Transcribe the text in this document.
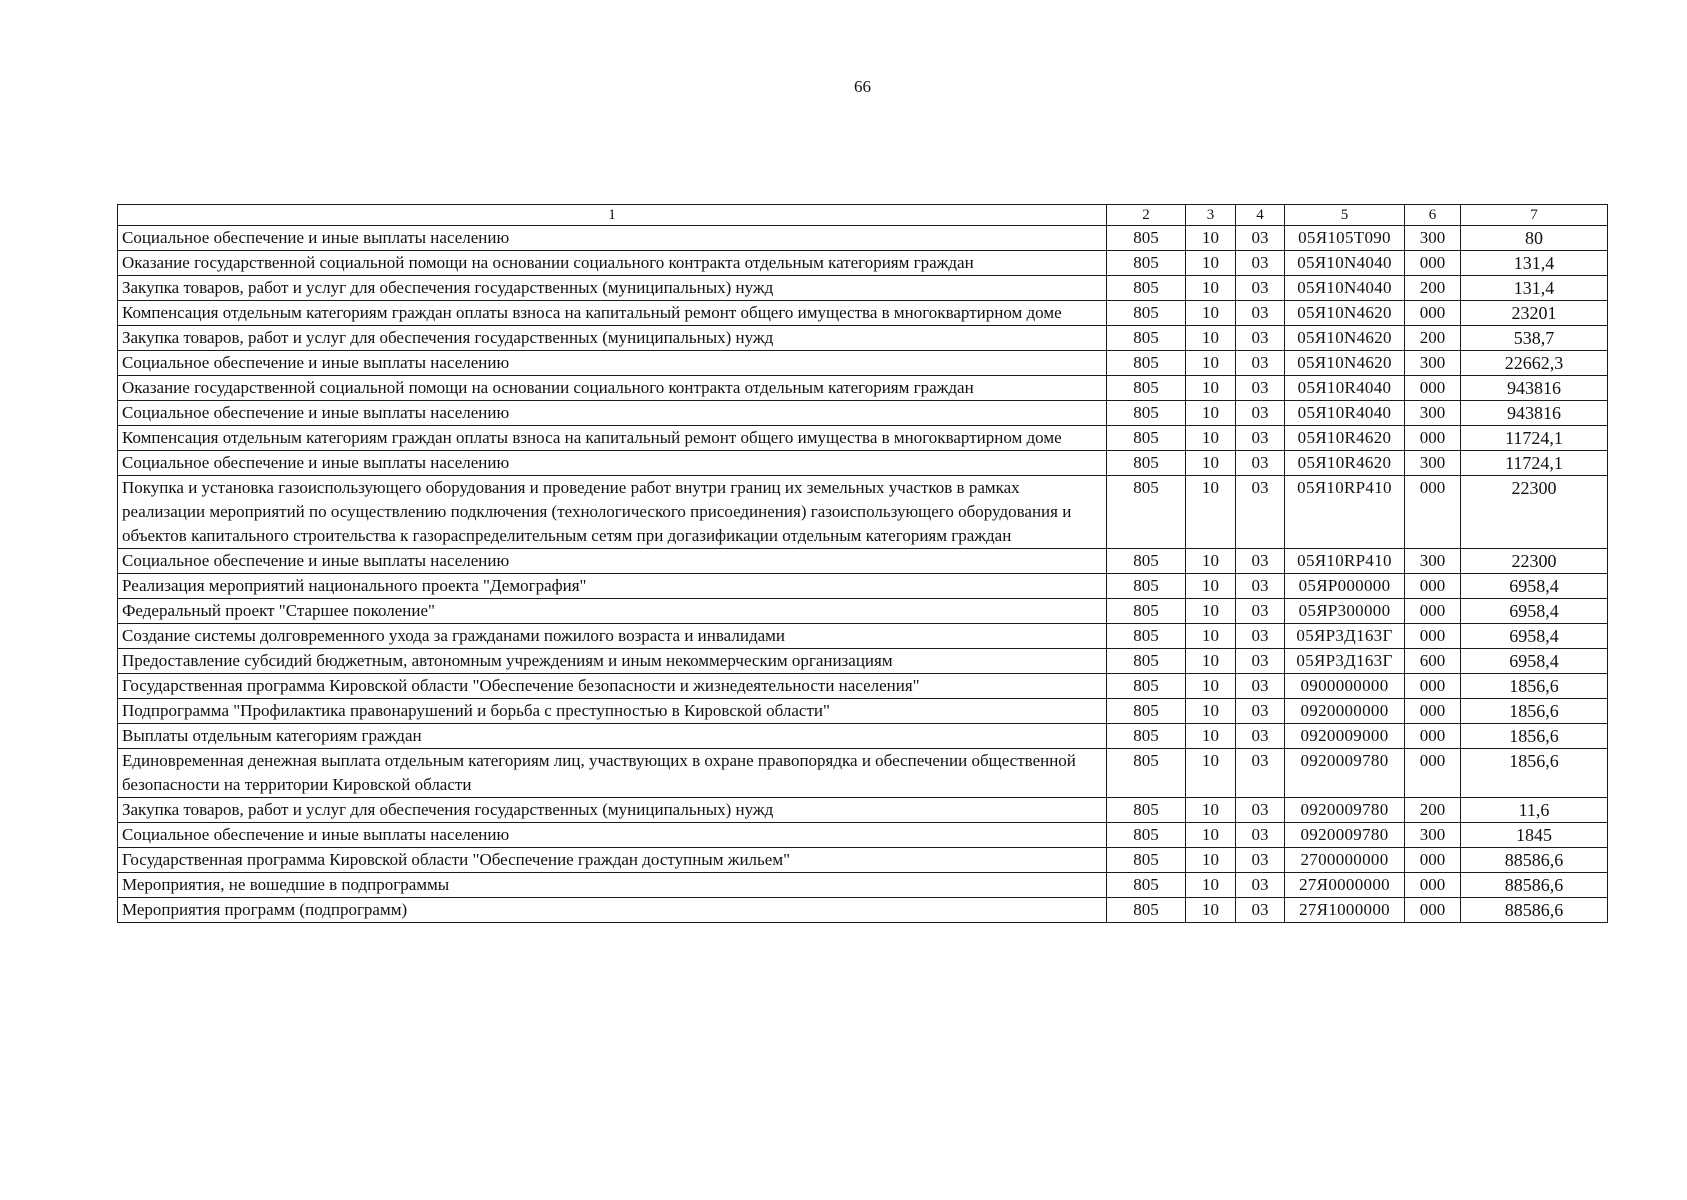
66
1	2	3	4	5	6	7
Социальное обеспечение и иные выплаты населению	805	10	03	05Я105Т090	300	80
Оказание государственной социальной помощи на основании социального контракта отдельным категориям граждан	805	10	03	05Я10N4040	000	131,4
Закупка товаров, работ и услуг для обеспечения государственных (муниципальных) нужд	805	10	03	05Я10N4040	200	131,4
Компенсация отдельным категориям граждан оплаты взноса на капитальный ремонт общего имущества в многоквартирном доме	805	10	03	05Я10N4620	000	23201
Закупка товаров, работ и услуг для обеспечения государственных (муниципальных) нужд	805	10	03	05Я10N4620	200	538,7
Социальное обеспечение и иные выплаты населению	805	10	03	05Я10N4620	300	22662,3
Оказание государственной социальной помощи на основании социального контракта отдельным категориям граждан	805	10	03	05Я10R4040	000	943816
Социальное обеспечение и иные выплаты населению	805	10	03	05Я10R4040	300	943816
Компенсация отдельным категориям граждан оплаты взноса на капитальный ремонт общего имущества в многоквартирном доме	805	10	03	05Я10R4620	000	11724,1
Социальное обеспечение и иные выплаты населению	805	10	03	05Я10R4620	300	11724,1
Покупка и установка газоиспользующего оборудования и проведение работ внутри границ их земельных участков в рамках реализации мероприятий по осуществлению подключения (технологического присоединения) газоиспользующего оборудования и объектов капитального строительства к газораспределительным сетям при догазификации отдельным категориям граждан	805	10	03	05Я10RP410	000	22300
Социальное обеспечение и иные выплаты населению	805	10	03	05Я10RP410	300	22300
Реализация мероприятий национального проекта "Демография"	805	10	03	05ЯР000000	000	6958,4
Федеральный проект "Старшее поколение"	805	10	03	05ЯР300000	000	6958,4
Создание системы долговременного ухода за гражданами пожилого возраста и инвалидами	805	10	03	05ЯР3Д163Г	000	6958,4
Предоставление субсидий бюджетным, автономным учреждениям и иным некоммерческим организациям	805	10	03	05ЯР3Д163Г	600	6958,4
Государственная программа Кировской области "Обеспечение безопасности и жизнедеятельности населения"	805	10	03	0900000000	000	1856,6
Подпрограмма "Профилактика правонарушений и борьба с преступностью в Кировской области"	805	10	03	0920000000	000	1856,6
Выплаты отдельным категориям граждан	805	10	03	0920009000	000	1856,6
Единовременная денежная выплата отдельным категориям лиц, участвующих в охране правопорядка и обеспечении общественной безопасности на территории Кировской области	805	10	03	0920009780	000	1856,6
Закупка товаров, работ и услуг для обеспечения государственных (муниципальных) нужд	805	10	03	0920009780	200	11,6
Социальное обеспечение и иные выплаты населению	805	10	03	0920009780	300	1845
Государственная программа Кировской области "Обеспечение граждан доступным жильем"	805	10	03	2700000000	000	88586,6
Мероприятия, не вошедшие в подпрограммы	805	10	03	27Я0000000	000	88586,6
Мероприятия программ (подпрограмм)	805	10	03	27Я1000000	000	88586,6
